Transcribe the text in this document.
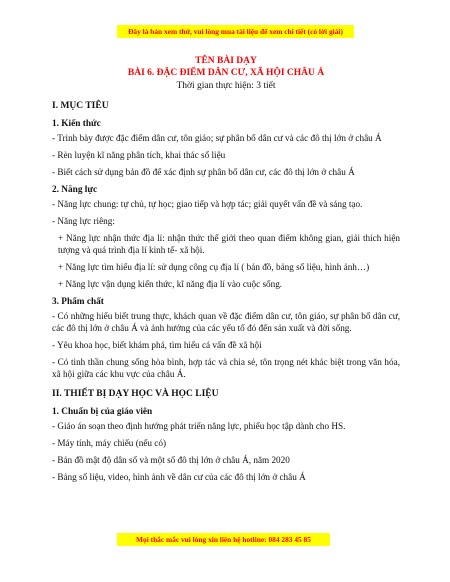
Đây là bản xem thử, vui lòng mua tài liệu để xem chi tiết (có lời giải)
TÊN BÀI DẠY
BÀI 6. ĐẶC ĐIỂM DÂN CƯ, XÃ HỘI CHÂU Á
Thời gian thực hiện: 3 tiết
I. MỤC TIÊU
1. Kiến thức
- Trình bày được đặc điểm dân cư, tôn giáo; sự phân bố dân cư và các đô thị lớn ở châu Á
- Rèn luyện kĩ năng phân tích, khai thác số liệu
- Biết cách sử dụng bản đồ để xác định sự phân bố dân cư, các đô thị lớn ở châu Á
2. Năng lực
- Năng lực chung: tự chủ, tự học; giao tiếp và hợp tác; giải quyết vấn đề và sáng tạo.
- Năng lực riêng:
+ Năng lực nhận thức địa lí: nhận thức thế giới theo quan điểm không gian, giải thích hiện tượng và quá trình địa lí kinh tế- xã hội.
+ Năng lực tìm hiểu địa lí: sử dụng công cụ địa lí ( bản đồ, bảng số liệu, hình ảnh…)
+ Năng lực vận dụng kiến thức, kĩ năng địa lí vào cuộc sống.
3. Phẩm chất
- Có những hiểu biết trung thực, khách quan về đặc điểm dân cư, tôn giáo, sự phân bố dân cư, các đô thị lớn ở châu Á và ảnh hưởng của các yếu tố đó đến sản xuất và đời sống.
- Yêu khoa học, biết khám phá, tìm hiểu cá vấn đề xã hội
- Có tinh thần chung sống hòa bình, hợp tác và chia sẻ, tôn trọng nét khác biệt trong văn hóa, xã hội giữa các khu vực của châu Á.
II. THIẾT BỊ DẠY HỌC VÀ HỌC LIỆU
1. Chuẩn bị của giáo viên
- Giáo án soạn theo định hướng phát triển năng lực, phiếu học tập dành cho HS.
- Máy tính, máy chiếu (nếu có)
- Bản đồ mật độ dân số và một số đô thị lớn ở châu Á, năm 2020
- Bảng số liệu, video, hình ảnh về dân cư của các đô thị lớn ở châu Á
Mọi thắc mắc vui lòng xin liên hệ hotline: 084 283 45 85
